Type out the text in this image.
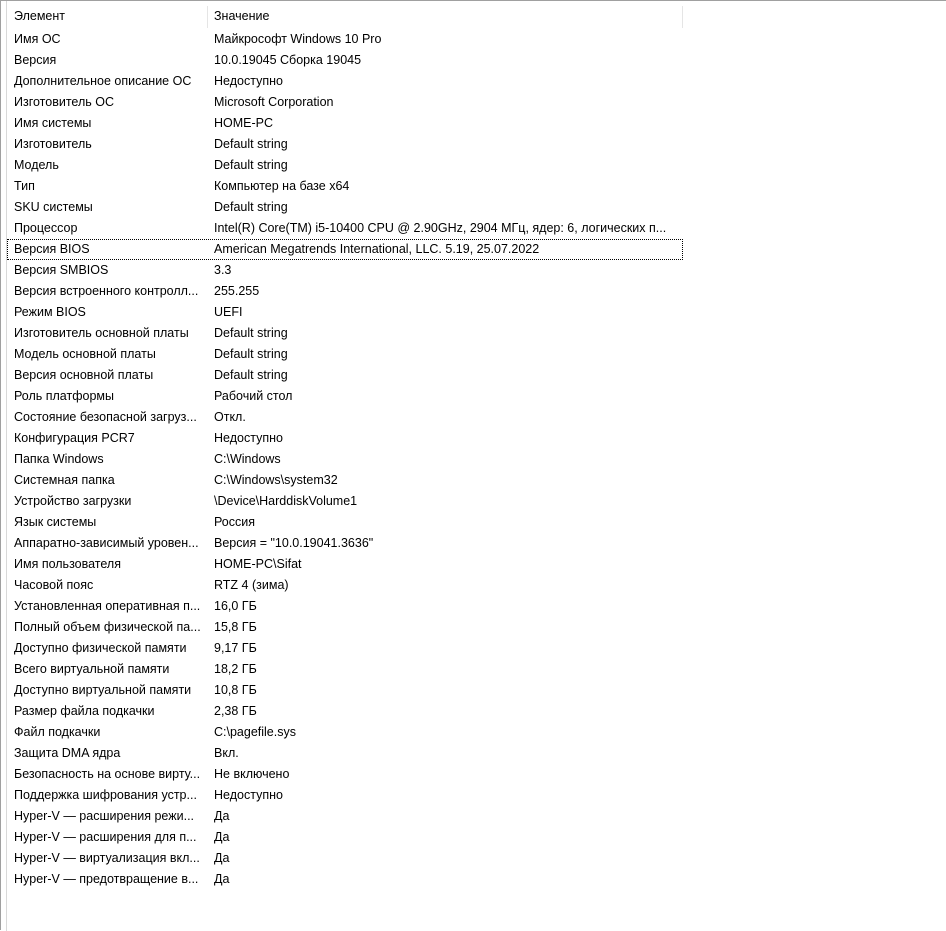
Элемент	Значение
Имя ОС	Майкрософт Windows 10 Pro
Версия	10.0.19045 Сборка 19045
Дополнительное описание ОС	Недоступно
Изготовитель ОС	Microsoft Corporation
Имя системы	HOME-PC
Изготовитель	Default string
Модель	Default string
Тип	Компьютер на базе x64
SKU системы	Default string
Процессор	Intel(R) Core(TM) i5-10400 CPU @ 2.90GHz, 2904 МГц, ядер: 6, логических п...
Версия BIOS	American Megatrends International, LLC. 5.19, 25.07.2022
Версия SMBIOS	3.3
Версия встроенного контролл...	255.255
Режим BIOS	UEFI
Изготовитель основной платы	Default string
Модель основной платы	Default string
Версия основной платы	Default string
Роль платформы	Рабочий стол
Состояние безопасной загруз...	Откл.
Конфигурация PCR7	Недоступно
Папка Windows	C:\Windows
Системная папка	C:\Windows\system32
Устройство загрузки	\Device\HarddiskVolume1
Язык системы	Россия
Аппаратно-зависимый уровен...	Версия = "10.0.19041.3636"
Имя пользователя	HOME-PC\Sifat
Часовой пояс	RTZ 4 (зима)
Установленная оперативная п...	16,0 ГБ
Полный объем физической па...	15,8 ГБ
Доступно физической памяти	9,17 ГБ
Всего виртуальной памяти	18,2 ГБ
Доступно виртуальной памяти	10,8 ГБ
Размер файла подкачки	2,38 ГБ
Файл подкачки	C:\pagefile.sys
Защита DMA ядра	Вкл.
Безопасность на основе вирту...	Не включено
Поддержка шифрования устр...	Недоступно
Hyper-V — расширения режи...	Да
Hyper-V — расширения для п...	Да
Hyper-V — виртуализация вкл...	Да
Hyper-V — предотвращение в...	Да
